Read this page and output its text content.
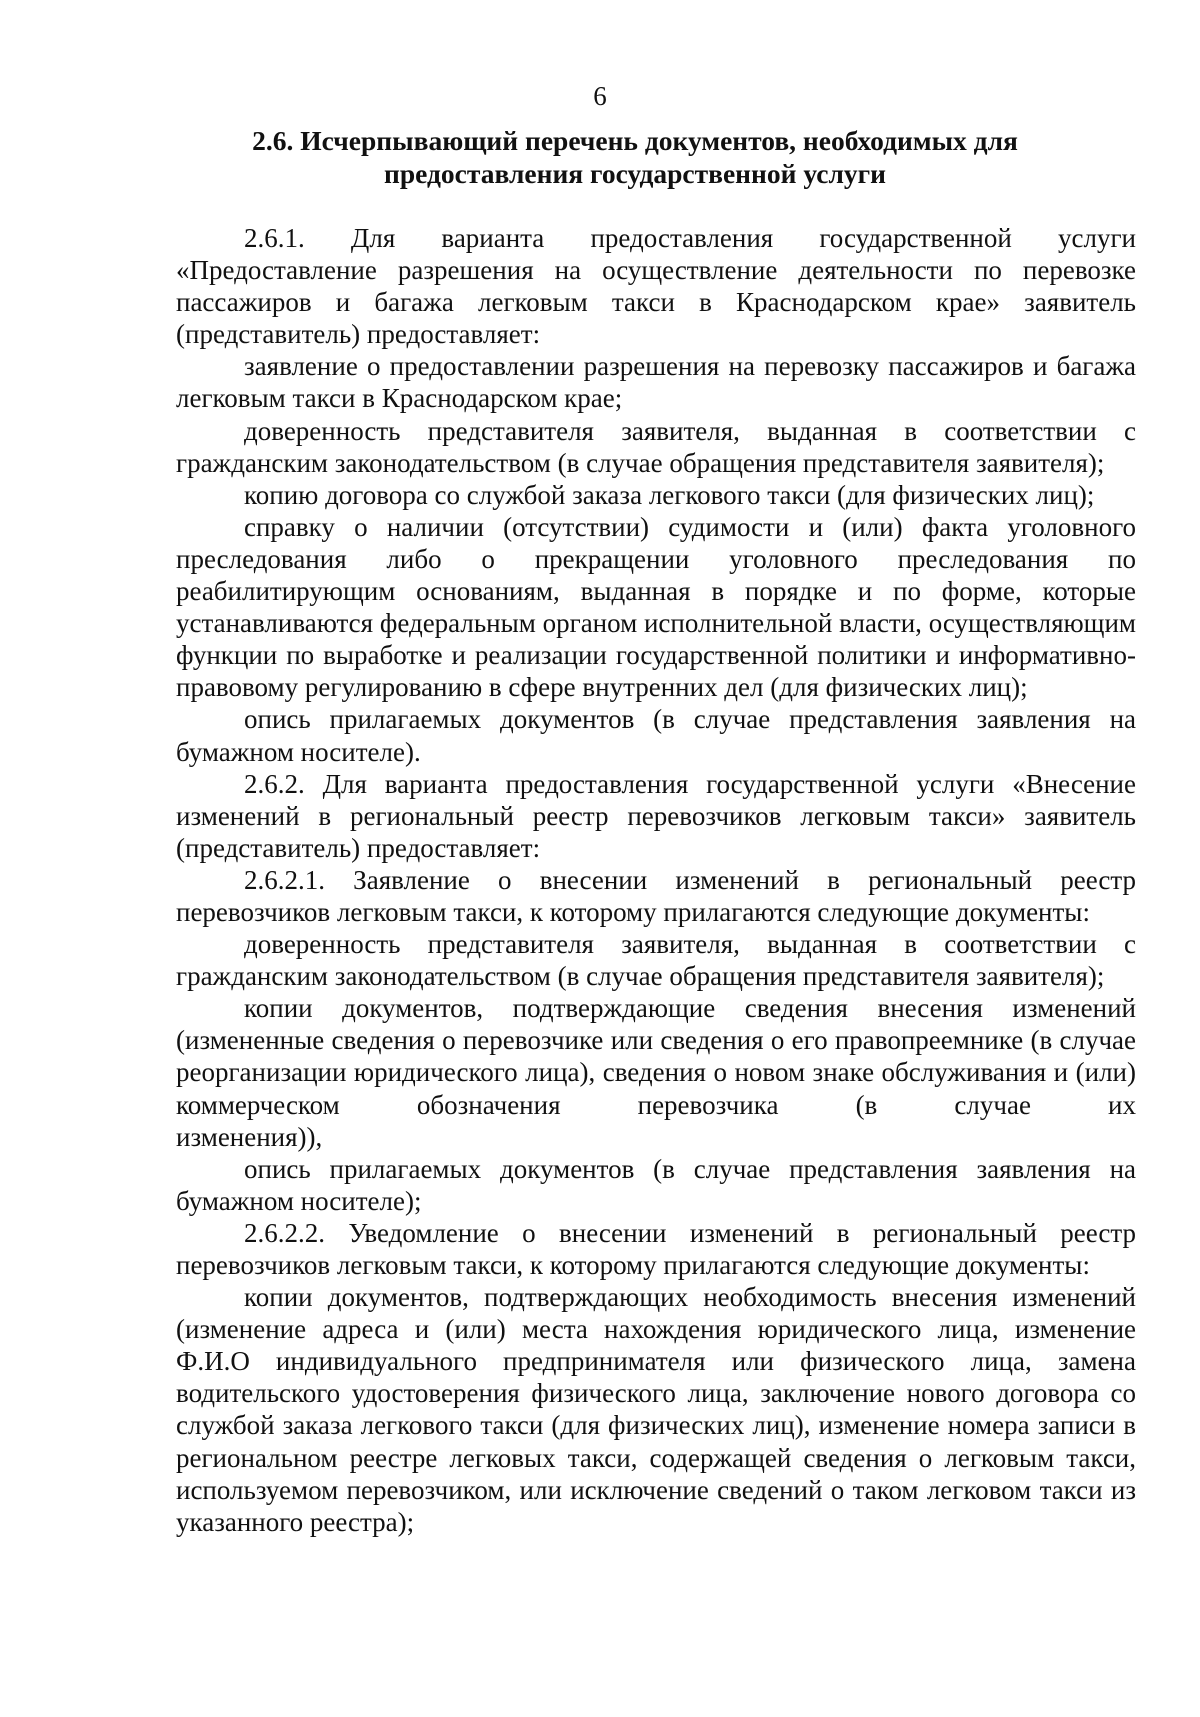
6
2.6. Исчерпывающий перечень документов, необходимых для
предоставления государственной услуги

2.6.1. Для варианта предоставления государственной услуги «Предоставление разрешения на осуществление деятельности по перевозке пассажиров и багажа легковым такси в Краснодарском крае» заявитель (представитель) предоставляет:

заявление о предоставлении разрешения на перевозку пассажиров и багажа легковым такси в Краснодарском крае;

доверенность представителя заявителя, выданная в соответствии с гражданским законодательством (в случае обращения представителя заявителя);

копию договора со службой заказа легкового такси (для физических лиц);

справку о наличии (отсутствии) судимости и (или) факта уголовного преследования либо о прекращении уголовного преследования по реабилитирующим основаниям, выданная в порядке и по форме, которые устанавливаются федеральным органом исполнительной власти, осуществляющим функции по выработке и реализации государственной политики и информативно-правовому регулированию в сфере внутренних дел (для физических лиц);

опись прилагаемых документов (в случае представления заявления на бумажном носителе).

2.6.2. Для варианта предоставления государственной услуги «Внесение изменений в региональный реестр перевозчиков легковым такси» заявитель (представитель) предоставляет:

2.6.2.1. Заявление о внесении изменений в региональный реестр перевозчиков легковым такси, к которому прилагаются следующие документы:

доверенность представителя заявителя, выданная в соответствии с гражданским законодательством (в случае обращения представителя заявителя);

копии документов, подтверждающие сведения внесения изменений (измененные сведения о перевозчике или сведения о его правопреемнике (в случае реорганизации юридического лица), сведения о новом знаке обслуживания и (или) коммерческом обозначения перевозчика (в случае их

изменения)),

опись прилагаемых документов (в случае представления заявления на бумажном носителе);

2.6.2.2. Уведомление о внесении изменений в региональный реестр перевозчиков легковым такси, к которому прилагаются следующие документы:

копии документов, подтверждающих необходимость внесения изменений (изменение адреса и (или) места нахождения юридического лица, изменение Ф.И.О индивидуального предпринимателя или физического лица, замена водительского удостоверения физического лица, заключение нового договора со службой заказа легкового такси (для физических лиц), изменение номера записи в региональном реестре легковых такси, содержащей сведения о легковым такси, используемом перевозчиком, или исключение сведений о таком легковом такси из указанного реестра);
